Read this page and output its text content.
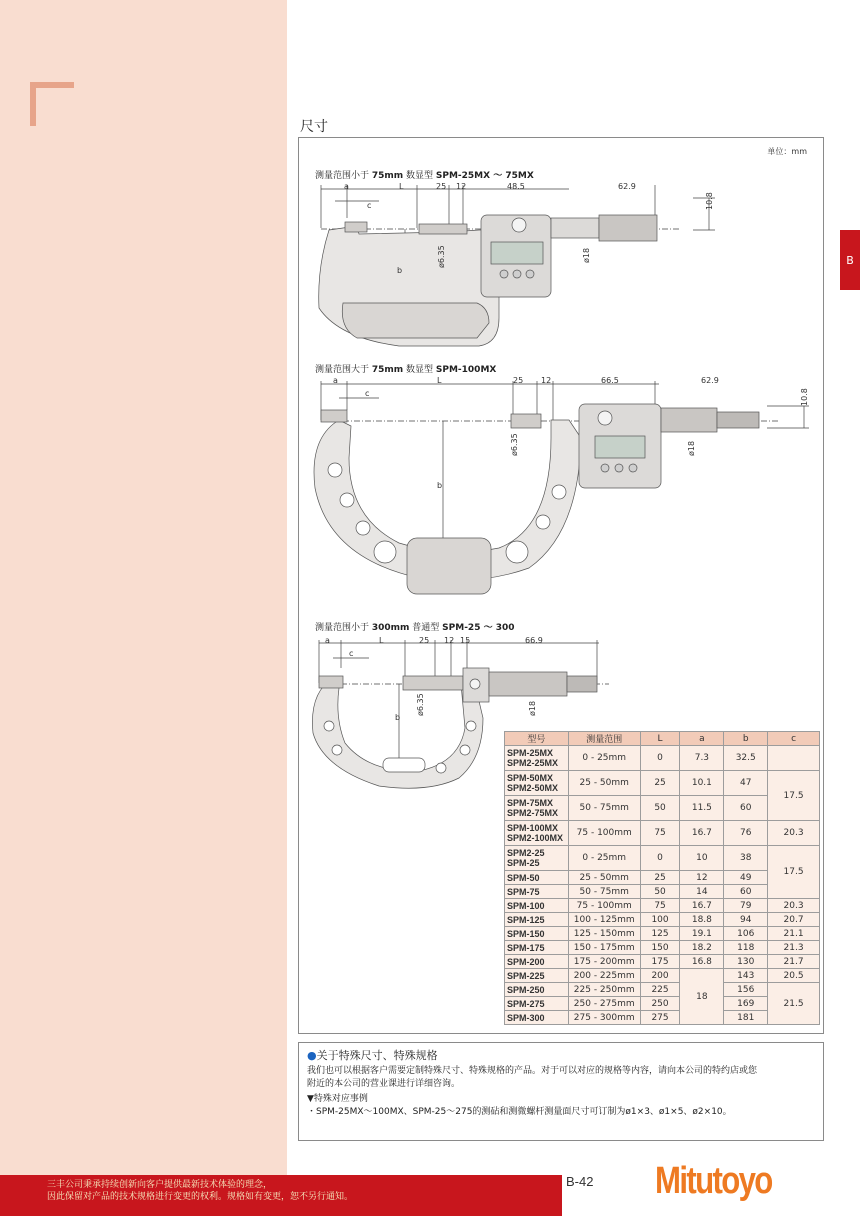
尺寸
B
单位：mm
测量范围小于 75mm 数显型 SPM-25MX ～ 75MX
测量范围大于 75mm 数显型 SPM-100MX
测量范围小于 300mm 普通型 SPM-25 ～ 300
a
c
L	25 12	48.5	62.9
10.8
ø6.35	ø18
b
a
c
L	25 12	66.5	62.9
10.8
ø6.35	ø18
b
a
c
L	25 12 15	66.9
ø6.35	ø18
b
型号	测量范围	L	a	b	c
SPM-25MX
SPM2-25MX	0 - 25mm	0	7.3	32.5	
SPM-50MX
SPM2-50MX	25 - 50mm	25	10.1	47	17.5
SPM-75MX
SPM2-75MX	50 - 75mm	50	11.5	60	
SPM-100MX
SPM2-100MX	75 - 100mm	75	16.7	76	20.3
SPM2-25
SPM-25	0 - 25mm	0	10	38	17.5
SPM-50	25 - 50mm	25	12	49	
SPM-75	50 - 75mm	50	14	60	
SPM-100	75 - 100mm	75	16.7	79	20.3
SPM-125	100 - 125mm	100	18.8	94	20.7
SPM-150	125 - 150mm	125	19.1	106	21.1
SPM-175	150 - 175mm	150	18.2	118	21.3
SPM-200	175 - 200mm	175	16.8	130	21.7
SPM-225	200 - 225mm	200	18	143	20.5
SPM-250	225 - 250mm	225		156	21.5
SPM-275	250 - 275mm	250		169	
SPM-300	275 - 300mm	275		181	
●关于特殊尺寸、特殊规格
我们也可以根据客户需要定制特殊尺寸、特殊规格的产品。对于可以对应的规格等内容，请向本公司的特约店或您
附近的本公司的营业课进行详细咨询。
▼特殊对应事例
・SPM-25MX～100MX、SPM-25～275的测砧和测微螺杆测量面尺寸可订制为ø1×3、ø1×5、ø2×10。
三丰公司秉承持续创新向客户提供最新技术体验的理念，
因此保留对产品的技术规格进行变更的权利。规格如有变更，恕不另行通知。
B-42 Mitutoyo
